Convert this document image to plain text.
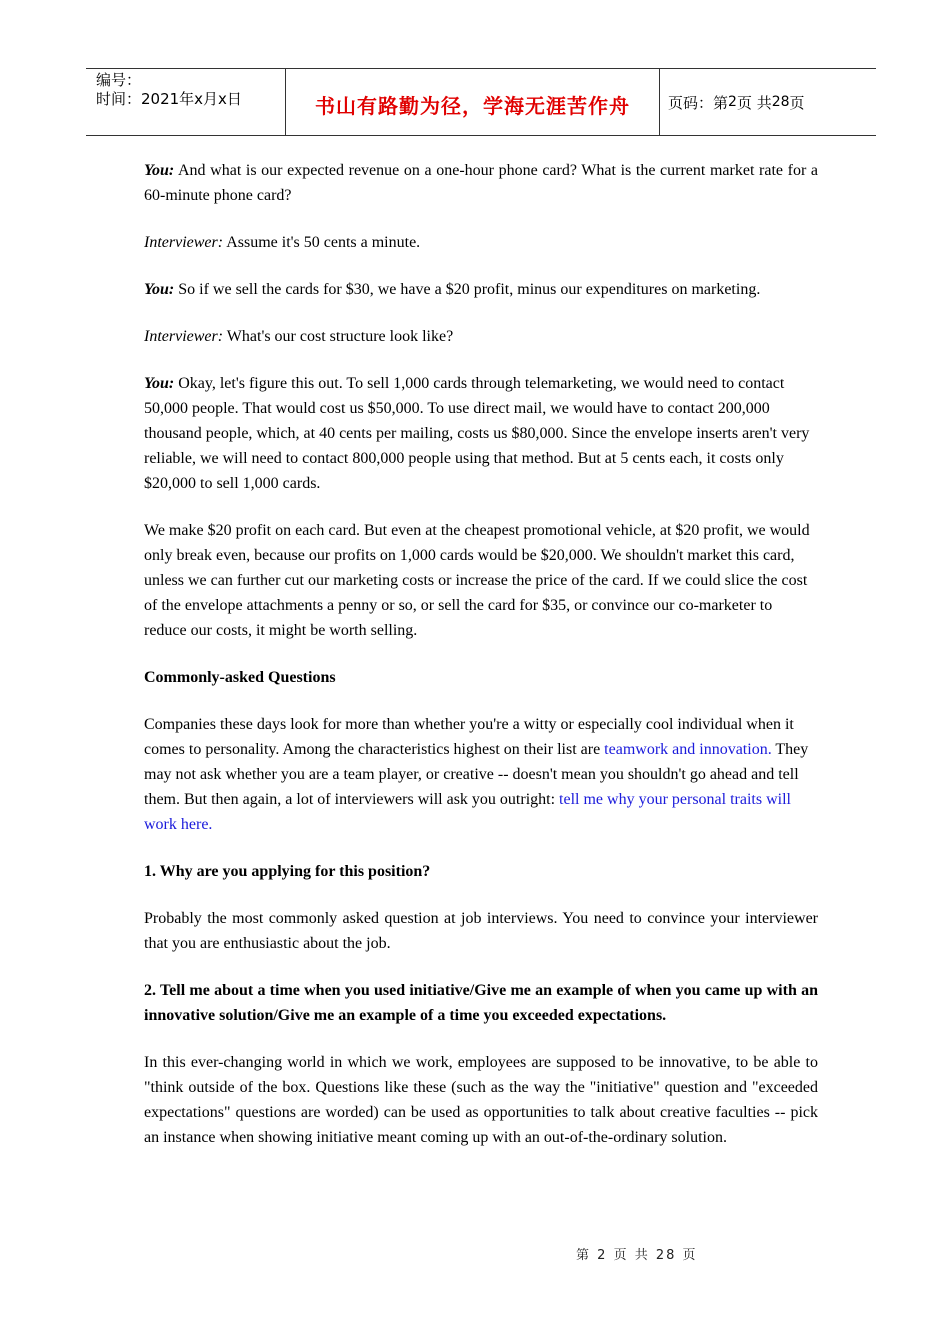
编号：
时间：2021年x月x日	书山有路勤为径，学海无涯苦作舟	页码：第 2 页 共 28 页

You: And what is our expected revenue on a one-hour phone card? What is the current market rate for a 60-minute phone card?

Interviewer: Assume it's 50 cents a minute.

You: So if we sell the cards for $30, we have a $20 profit, minus our expenditures on marketing.

Interviewer: What's our cost structure look like?

You: Okay, let's figure this out. To sell 1,000 cards through telemarketing, we would need to contact 50,000 people. That would cost us $50,000. To use direct mail, we would have to contact 200,000 thousand people, which, at 40 cents per mailing, costs us $80,000. Since the envelope inserts aren't very reliable, we will need to contact 800,000 people using that method. But at 5 cents each, it costs only $20,000 to sell 1,000 cards.

We make $20 profit on each card. But even at the cheapest promotional vehicle, at $20 profit, we would only break even, because our profits on 1,000 cards would be $20,000. We shouldn't market this card, unless we can further cut our marketing costs or increase the price of the card. If we could slice the cost of the envelope attachments a penny or so, or sell the card for $35, or convince our co-marketer to reduce our costs, it might be worth selling.

Commonly-asked Questions

Companies these days look for more than whether you're a witty or especially cool individual when it comes to personality. Among the characteristics highest on their list are teamwork and innovation. They may not ask whether you are a team player, or creative -- doesn't mean you shouldn't go ahead and tell them. But then again, a lot of interviewers will ask you outright: tell me why your personal traits will work here.

1. Why are you applying for this position?

Probably the most commonly asked question at job interviews. You need to convince your interviewer that you are enthusiastic about the job.

2. Tell me about a time when you used initiative/Give me an example of when you came up with an innovative solution/Give me an example of a time you exceeded expectations.

In this ever-changing world in which we work, employees are supposed to be innovative, to be able to "think outside of the box. Questions like these (such as the way the "initiative" question and "exceeded expectations" questions are worded) can be used as opportunities to talk about creative faculties -- pick an instance when showing initiative meant coming up with an out-of-the-ordinary solution.

第 2 页 共 28 页
